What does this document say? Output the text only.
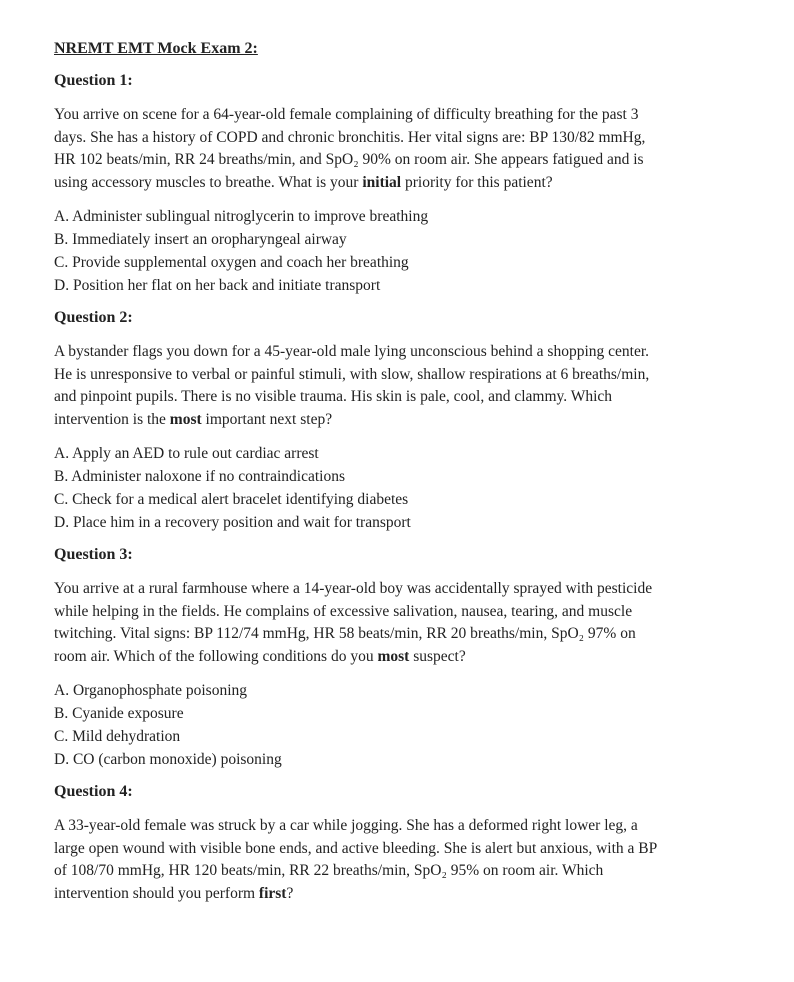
NREMT EMT Mock Exam 2:
Question 1:
You arrive on scene for a 64-year-old female complaining of difficulty breathing for the past 3
days. She has a history of COPD and chronic bronchitis. Her vital signs are: BP 130/82 mmHg,
HR 102 beats/min, RR 24 breaths/min, and SpO₂ 90% on room air. She appears fatigued and is
using accessory muscles to breathe. What is your initial priority for this patient?
A. Administer sublingual nitroglycerin to improve breathing
B. Immediately insert an oropharyngeal airway
C. Provide supplemental oxygen and coach her breathing
D. Position her flat on her back and initiate transport
Question 2:
A bystander flags you down for a 45-year-old male lying unconscious behind a shopping center.
He is unresponsive to verbal or painful stimuli, with slow, shallow respirations at 6 breaths/min,
and pinpoint pupils. There is no visible trauma. His skin is pale, cool, and clammy. Which
intervention is the most important next step?
A. Apply an AED to rule out cardiac arrest
B. Administer naloxone if no contraindications
C. Check for a medical alert bracelet identifying diabetes
D. Place him in a recovery position and wait for transport
Question 3:
You arrive at a rural farmhouse where a 14-year-old boy was accidentally sprayed with pesticide
while helping in the fields. He complains of excessive salivation, nausea, tearing, and muscle
twitching. Vital signs: BP 112/74 mmHg, HR 58 beats/min, RR 20 breaths/min, SpO₂ 97% on
room air. Which of the following conditions do you most suspect?
A. Organophosphate poisoning
B. Cyanide exposure
C. Mild dehydration
D. CO (carbon monoxide) poisoning
Question 4:
A 33-year-old female was struck by a car while jogging. She has a deformed right lower leg, a
large open wound with visible bone ends, and active bleeding. She is alert but anxious, with a BP
of 108/70 mmHg, HR 120 beats/min, RR 22 breaths/min, SpO₂ 95% on room air. Which
intervention should you perform first?
